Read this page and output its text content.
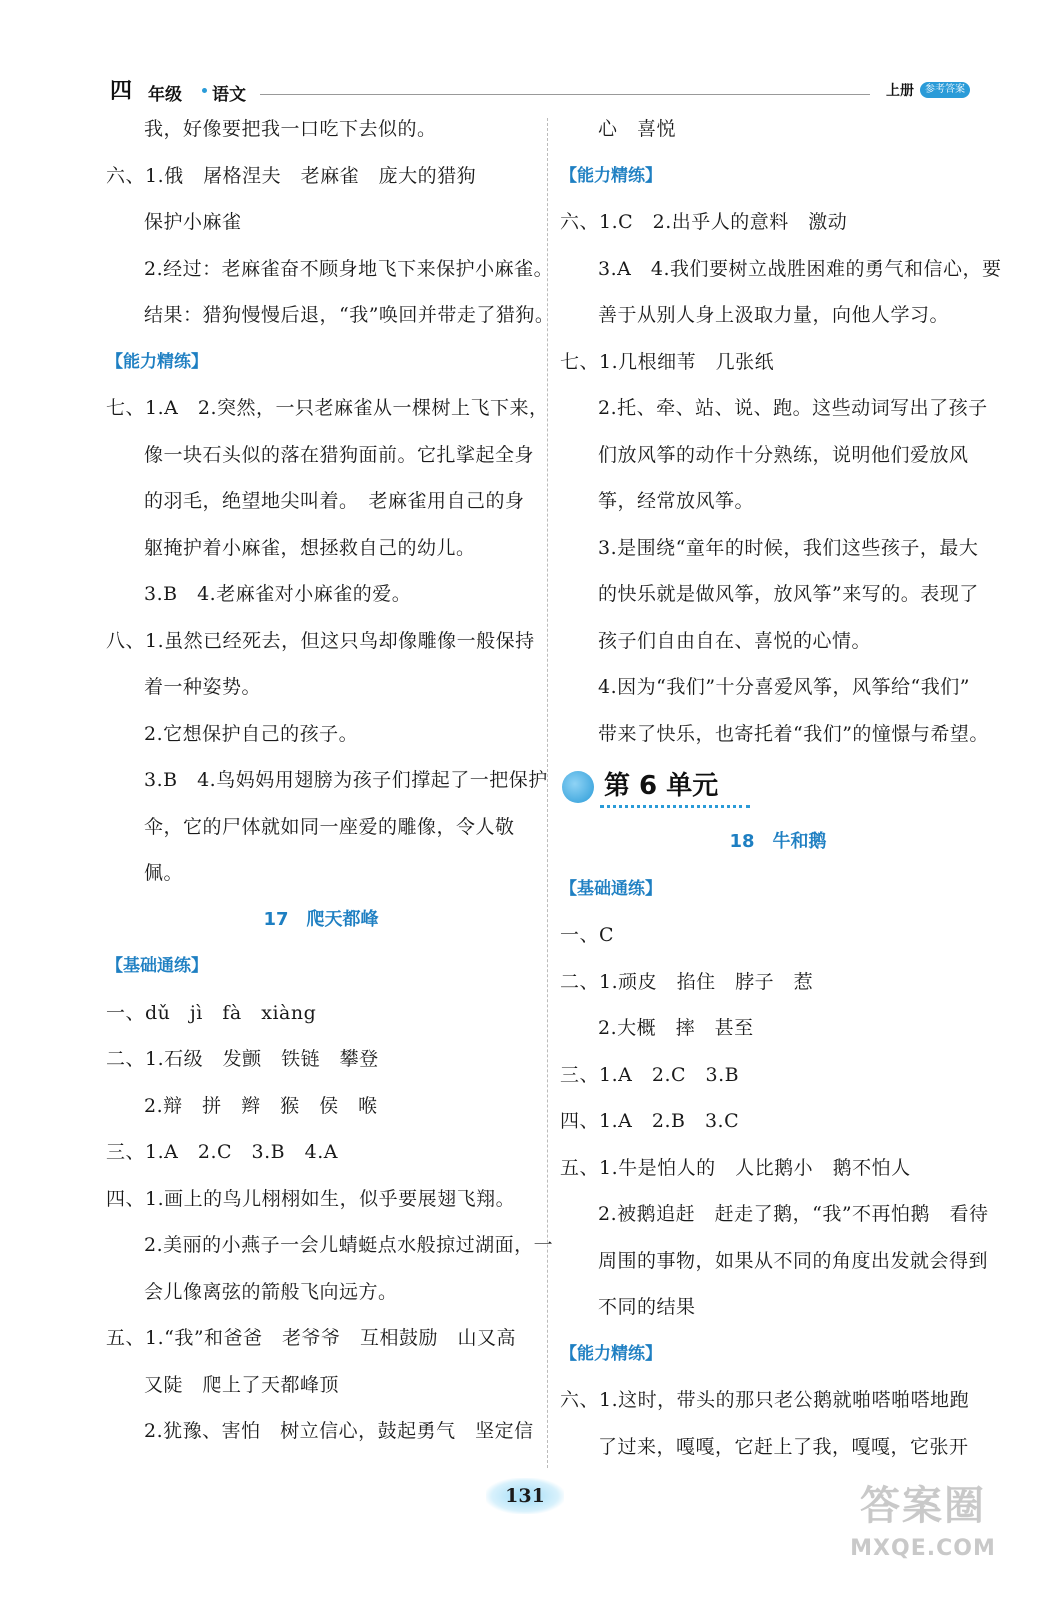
四 年级 语文	上册	参考答案
我，好像要把我一口吃下去似的。
六、1.俄　屠格涅夫　老麻雀　庞大的猎狗
保护小麻雀
2.经过：老麻雀奋不顾身地飞下来保护小麻雀。
结果：猎狗慢慢后退，“我”唤回并带走了猎狗。
【能力精练】
七、1.A　2.突然，一只老麻雀从一棵树上飞下来，
像一块石头似的落在猎狗面前。它扎挲起全身
的羽毛，绝望地尖叫着。　老麻雀用自己的身
躯掩护着小麻雀，想拯救自己的幼儿。
3.B　4.老麻雀对小麻雀的爱。
八、1.虽然已经死去，但这只鸟却像雕像一般保持
着一种姿势。
2.它想保护自己的孩子。
3.B　4.鸟妈妈用翅膀为孩子们撑起了一把保护
伞，它的尸体就如同一座爱的雕像，令人敬
佩。
17　爬天都峰
【基础通练】
一、dǔ　jì　fà　xiàng
二、1.石级　发颤　铁链　攀登
2.辩　拼　辫　猴　侯　喉
三、1.A　2.C　3.B　4.A
四、1.画上的鸟儿栩栩如生，似乎要展翅飞翔。
2.美丽的小燕子一会儿蜻蜓点水般掠过湖面，一
会儿像离弦的箭般飞向远方。
五、1.“我”和爸爸　老爷爷　互相鼓励　山又高
又陡　爬上了天都峰顶
2.犹豫、害怕　树立信心，鼓起勇气　坚定信
心　喜悦
【能力精练】
六、1.C　2.出乎人的意料　激动
3.A　4.我们要树立战胜困难的勇气和信心，要
善于从别人身上汲取力量，向他人学习。
七、1.几根细苇　几张纸
2.托、牵、站、说、跑。这些动词写出了孩子
们放风筝的动作十分熟练，说明他们爱放风
筝，经常放风筝。
3.是围绕“童年的时候，我们这些孩子，最大
的快乐就是做风筝，放风筝”来写的。表现了
孩子们自由自在、喜悦的心情。
4.因为“我们”十分喜爱风筝，风筝给“我们”
带来了快乐，也寄托着“我们”的憧憬与希望。
第 6 单元
18　牛和鹅
【基础通练】
一、C
二、1.顽皮　掐住　脖子　惹
2.大概　摔　甚至
三、1.A　2.C　3.B
四、1.A　2.B　3.C
五、1.牛是怕人的　人比鹅小　鹅不怕人
2.被鹅追赶　赶走了鹅，“我”不再怕鹅　看待
周围的事物，如果从不同的角度出发就会得到
不同的结果
【能力精练】
六、1.这时，带头的那只老公鹅就啪嗒啪嗒地跑
了过来，嘎嘎，它赶上了我，嘎嘎，它张开
131	答案圈
MXQE.COM
